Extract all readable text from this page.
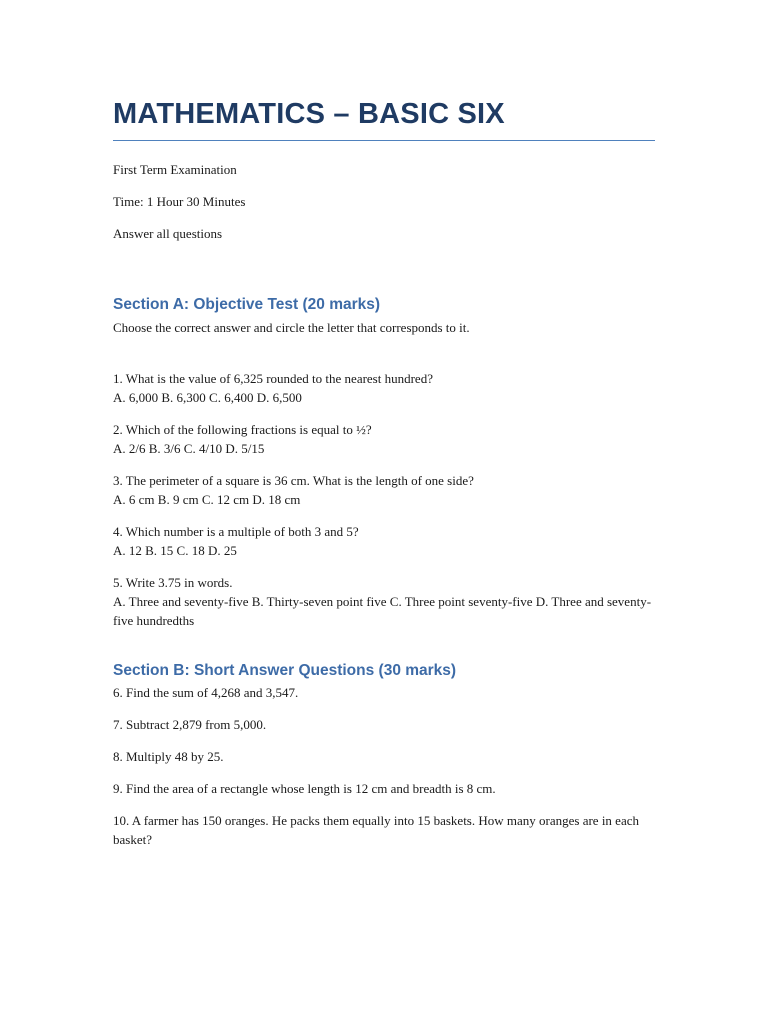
MATHEMATICS – BASIC SIX

First Term Examination

Time: 1 Hour 30 Minutes

Answer all questions

Section A: Objective Test (20 marks)

Choose the correct answer and circle the letter that corresponds to it.

1. What is the value of 6,325 rounded to the nearest hundred?

A. 6,000 B. 6,300 C. 6,400 D. 6,500

2. Which of the following fractions is equal to ½?

A. 2/6 B. 3/6 C. 4/10 D. 5/15

3. The perimeter of a square is 36 cm. What is the length of one side?

A. 6 cm B. 9 cm C. 12 cm D. 18 cm

4. Which number is a multiple of both 3 and 5?

A. 12 B. 15 C. 18 D. 25

5. Write 3.75 in words.

A. Three and seventy-five B. Thirty-seven point five C. Three point seventy-five D. Three and seventy-five hundredths

Section B: Short Answer Questions (30 marks)

6. Find the sum of 4,268 and 3,547.

7. Subtract 2,879 from 5,000.

8. Multiply 48 by 25.

9. Find the area of a rectangle whose length is 12 cm and breadth is 8 cm.

10. A farmer has 150 oranges. He packs them equally into 15 baskets. How many oranges are in each basket?
